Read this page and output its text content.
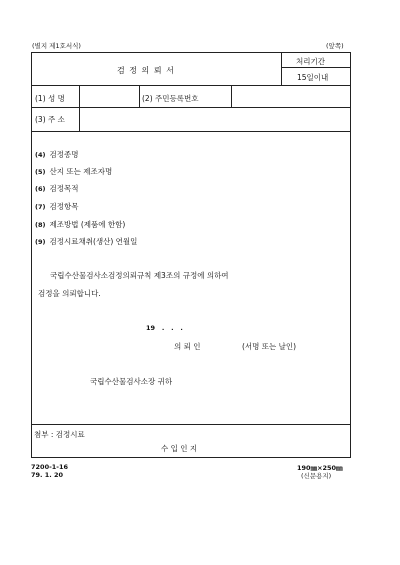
(별지 제1호서식)	(앞쪽)
검 정 의 뢰 서
처리기간
15일이내
(1) 성 명	(2) 주민등록번호
(3) 주 소
(4) 검정종명
(5) 산지 또는 제조자명
(6) 검정목적
(7) 검정항목
(8) 제조방법 (제품에 한함)
(9) 검정시료채취(생산) 연월일
국립수산물검사소검정의뢰규칙 제3조의 규정에 의하여
검정을 의뢰합니다.
19   .   .   .
의 뢰 인	(서명 또는 날인)
국립수산물검사소장 귀하
첨부 : 검정시료
수 입 인 지
7200-1-16
79. 1. 20
190㎜×250㎜
(신문용지)
